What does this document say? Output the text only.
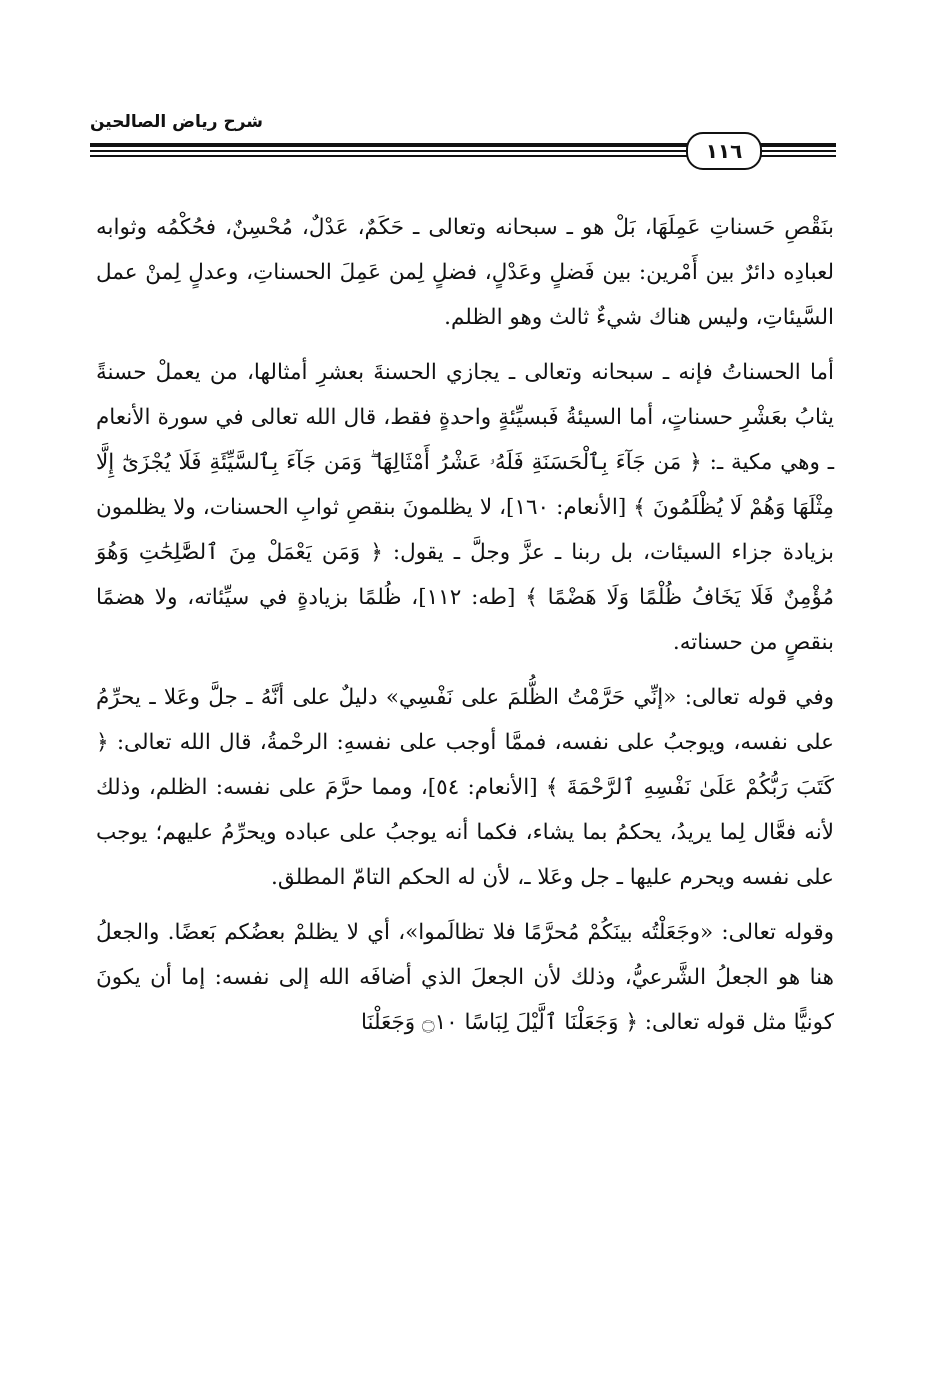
شرح رياض الصالحين
١١٦

بنَقْصِ حَسناتِ عَمِلَهَا، بَلْ هو ـ سبحانه وتعالى ـ حَكَمٌ، عَدْلٌ، مُحْسِنٌ، فحُكْمُه وثوابه لعبادِه دائرٌ بين أَمْرين: بين فَضلٍ وعَدْلٍ، فضلٍ لِمن عَمِلَ الحسناتِ، وعدلٍ لِمنْ عمل السَّيئاتِ، وليس هناك شيءٌ ثالث وهو الظلم.

أما الحسناتُ فإنه ـ سبحانه وتعالى ـ يجازي الحسنةَ بعشرِ أمثالها، من يعملْ حسنةً يثابُ بعَشْرِ حسناتٍ، أما السيئةُ فَبسيِّئةٍ واحدةٍ فقط، قال الله تعالى في سورة الأنعام ـ وهي مكية ـ: ﴿ مَن جَآءَ بِٱلْحَسَنَةِ فَلَهُۥ عَشْرُ أَمْثَالِهَا ۖ وَمَن جَآءَ بِٱلسَّيِّئَةِ فَلَا يُجْزَىٰٓ إِلَّا مِثْلَهَا وَهُمْ لَا يُظْلَمُونَ ﴾ [الأنعام: ١٦٠]، لا يظلمونَ بنقصِ ثوابِ الحسنات، ولا يظلمون بزيادة جزاء السيئات، بل ربنا ـ عزَّ وجلَّ ـ يقول: ﴿ وَمَن يَعْمَلْ مِنَ ٱلصَّٰلِحَٰتِ وَهُوَ مُؤْمِنٌ فَلَا يَخَافُ ظُلْمًا وَلَا هَضْمًا ﴾ [طه: ١١٢]، ظُلمًا بزيادةٍ في سيِّئاته، ولا هضمًا بنقصٍ من حسناته.

وفي قوله تعالى: «إنِّي حَرَّمْتُ الظُّلمَ على نَفْسِي» دليلٌ على أنَّهُ ـ جلَّ وعَلا ـ يحرِّمُ على نفسه، ويوجبُ على نفسه، فممَّا أوجب على نفسهِ: الرحْمةُ، قال الله تعالى: ﴿ كَتَبَ رَبُّكُمْ عَلَىٰ نَفْسِهِ ٱلرَّحْمَةَ ﴾ [الأنعام: ٥٤]، ومما حرَّمَ على نفسه: الظلم، وذلك لأنه فعَّال لِما يريدُ، يحكمُ بما يشاء، فكما أنه يوجبُ على عباده ويحرِّمُ عليهم؛ يوجب على نفسه ويحرم عليها ـ جل وعَلا ـ، لأن له الحكم التامّ المطلق.

وقوله تعالى: «وجَعَلْتُه بينَكُمْ مُحرَّمًا فلا تظالَموا»، أي لا يظلمْ بعضُكم بَعضًا. والجعلُ هنا هو الجعلُ الشَّرعيُّ، وذلك لأن الجعلَ الذي أضافَه الله إلى نفسه: إما أن يكونَ كونيًّا مثل قوله تعالى: ﴿ وَجَعَلْنَا ٱلَّيْلَ لِبَاسًا ۝١٠ وَجَعَلْنَا
